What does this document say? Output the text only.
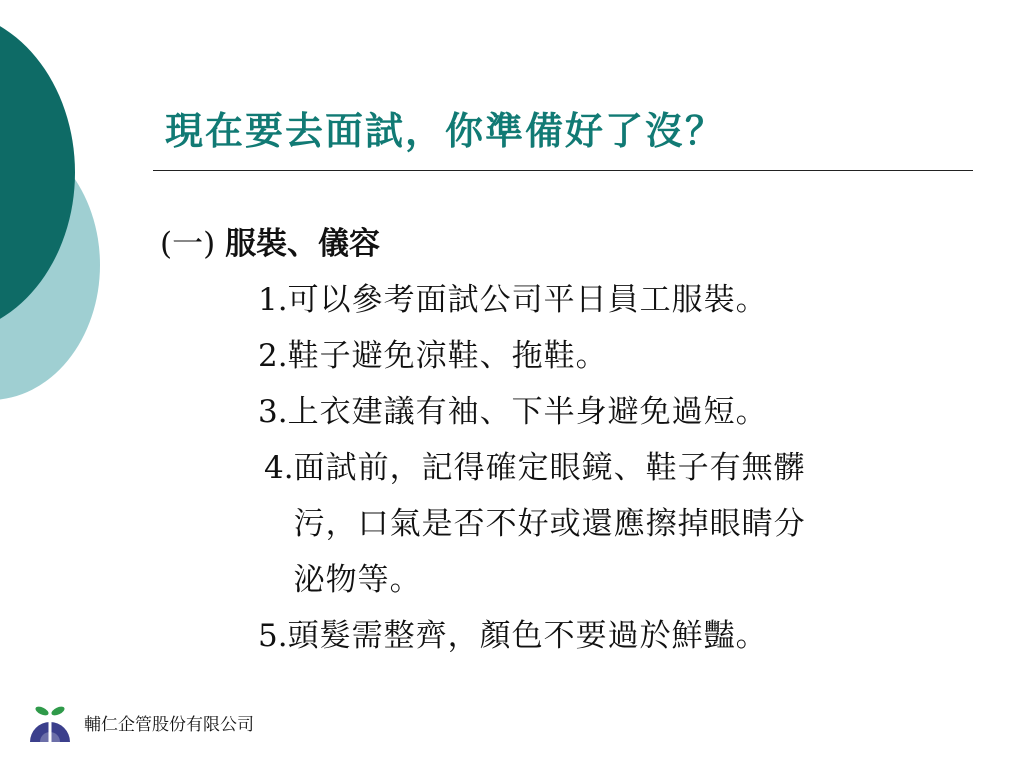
現在要去面試，你準備好了沒？
(一) 服裝、儀容
1. 可以參考面試公司平日員工服裝。
2. 鞋子避免涼鞋、拖鞋。
3. 上衣建議有袖、下半身避免過短。
4. 面試前，記得確定眼鏡、鞋子有無髒
污，口氣是否不好或還應擦掉眼睛分
泌物等。
5. 頭髮需整齊，顏色不要過於鮮豔。
輔仁企管股份有限公司
